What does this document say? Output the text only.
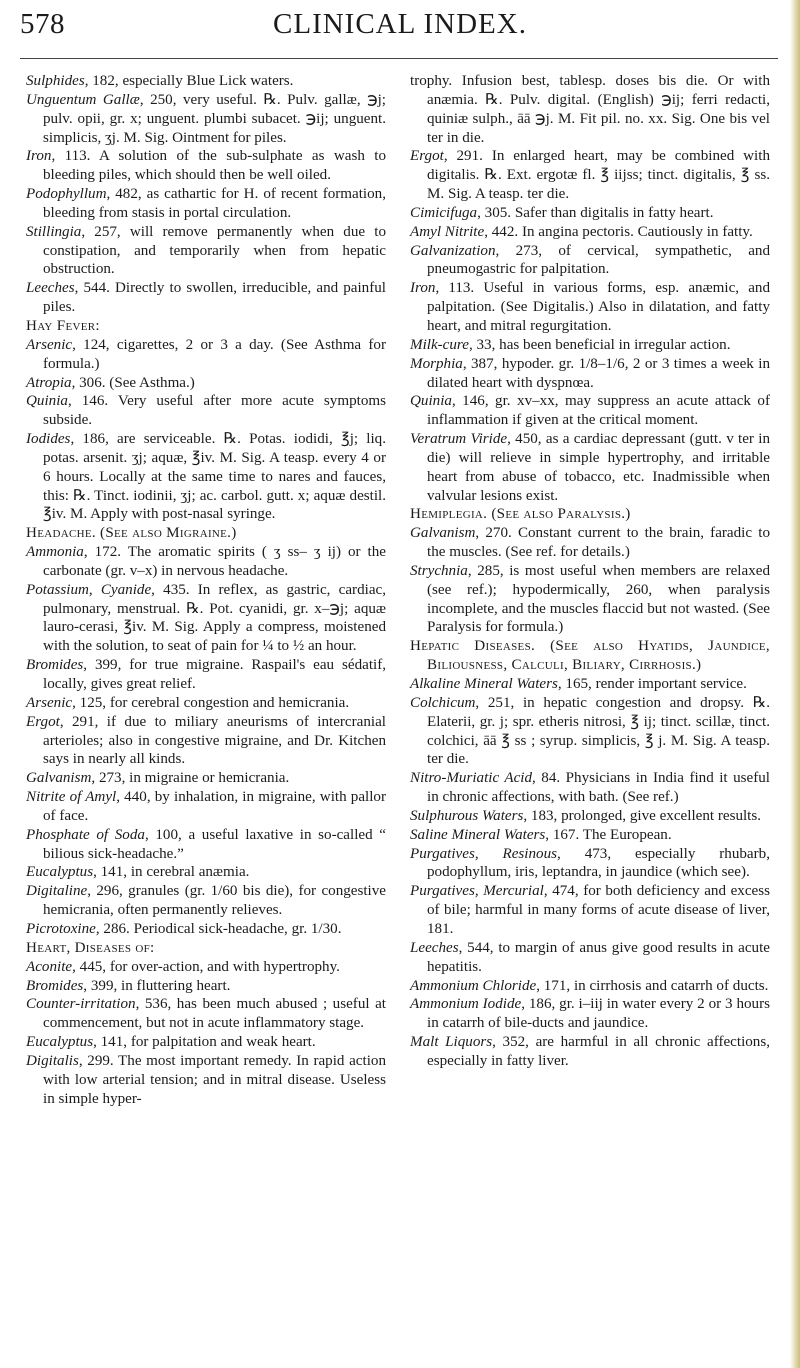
CLINICAL INDEX.
578

Sulphides, 182, especially Blue Lick waters.

Unguentum Gallæ, 250, very useful. ℞. Pulv. gallæ, ℈j; pulv. opii, gr. x; unguent. plumbi subacet. ℈ij; unguent. simplicis, ʒj. M. Sig. Ointment for piles.

Iron, 113. A solution of the sub-sulphate as wash to bleeding piles, which should then be well oiled.

Podophyllum, 482, as cathartic for H. of recent formation, bleeding from stasis in portal circulation.

Stillingia, 257, will remove permanently when due to constipation, and temporarily when from hepatic obstruction.

Leeches, 544. Directly to swollen, irreducible, and painful piles.

Hay Fever:

Arsenic, 124, cigarettes, 2 or 3 a day. (See Asthma for formula.)

Atropia, 306. (See Asthma.)

Quinia, 146. Very useful after more acute symptoms subside.

Iodides, 186, are serviceable. ℞. Potas. iodidi, ℥j; liq. potas. arsenit. ʒj; aquæ, ℥iv. M. Sig. A teasp. every 4 or 6 hours. Locally at the same time to nares and fauces, this: ℞. Tinct. iodinii, ʒj; ac. carbol. gutt. x; aquæ destil. ℥iv. M. Apply with post-nasal syringe.

Headache. (See also Migraine.)

Ammonia, 172. The aromatic spirits ( ʒ ss– ʒ ij) or the carbonate (gr. v–x) in nervous headache.

Potassium, Cyanide, 435. In reflex, as gastric, cardiac, pulmonary, menstrual. ℞. Pot. cyanidi, gr. x–℈j; aquæ lauro-cerasi, ℥iv. M. Sig. Apply a compress, moistened with the solution, to seat of pain for ¼ to ½ an hour.

Bromides, 399, for true migraine. Raspail's eau sédatif, locally, gives great relief.

Arsenic, 125, for cerebral congestion and hemicrania.

Ergot, 291, if due to miliary aneurisms of intercranial arterioles; also in congestive migraine, and Dr. Kitchen says in nearly all kinds.

Galvanism, 273, in migraine or hemicrania.

Nitrite of Amyl, 440, by inhalation, in migraine, with pallor of face.

Phosphate of Soda, 100, a useful laxative in so-called “ bilious sick-headache.”

Eucalyptus, 141, in cerebral anæmia.

Digitaline, 296, granules (gr. 1/60 bis die), for congestive hemicrania, often permanently relieves.

Picrotoxine, 286. Periodical sick-headache, gr. 1/30.

Heart, Diseases of:

Aconite, 445, for over-action, and with hypertrophy.

Bromides, 399, in fluttering heart.

Counter-irritation, 536, has been much abused ; useful at commencement, but not in acute inflammatory stage.

Eucalyptus, 141, for palpitation and weak heart.

Digitalis, 299. The most important remedy. In rapid action with low arterial tension; and in mitral disease. Useless in simple hyper-

trophy. Infusion best, tablesp. doses bis die. Or with anæmia. ℞. Pulv. digital. (English) ℈ij; ferri redacti, quiniæ sulph., āā ℈j. M. Fit pil. no. xx. Sig. One bis vel ter in die.

Ergot, 291. In enlarged heart, may be combined with digitalis. ℞. Ext. ergotæ fl. ℥ iijss; tinct. digitalis, ℥ ss. M. Sig. A teasp. ter die.

Cimicifuga, 305. Safer than digitalis in fatty heart.

Amyl Nitrite, 442. In angina pectoris. Cautiously in fatty.

Galvanization, 273, of cervical, sympathetic, and pneumogastric for palpitation.

Iron, 113. Useful in various forms, esp. anæmic, and palpitation. (See Digitalis.) Also in dilatation, and fatty heart, and mitral regurgitation.

Milk-cure, 33, has been beneficial in irregular action.

Morphia, 387, hypoder. gr. 1/8–1/6, 2 or 3 times a week in dilated heart with dyspnœa.

Quinia, 146, gr. xv–xx, may suppress an acute attack of inflammation if given at the critical moment.

Veratrum Viride, 450, as a cardiac depressant (gutt. v ter in die) will relieve in simple hypertrophy, and irritable heart from abuse of tobacco, etc. Inadmissible when valvular lesions exist.

Hemiplegia. (See also Paralysis.)

Galvanism, 270. Constant current to the brain, faradic to the muscles. (See ref. for details.)

Strychnia, 285, is most useful when members are relaxed (see ref.); hypodermically, 260, when paralysis incomplete, and the muscles flaccid but not wasted. (See Paralysis for formula.)

Hepatic Diseases. (See also Hyatids, Jaundice, Biliousness, Calculi, Biliary, Cirrhosis.)

Alkaline Mineral Waters, 165, render important service.

Colchicum, 251, in hepatic congestion and dropsy. ℞. Elaterii, gr. j; spr. etheris nitrosi, ℥ ij; tinct. scillæ, tinct. colchici, āā ℥ ss ; syrup. simplicis, ℥ j. M. Sig. A teasp. ter die.

Nitro-Muriatic Acid, 84. Physicians in India find it useful in chronic affections, with bath. (See ref.)

Sulphurous Waters, 183, prolonged, give excellent results.

Saline Mineral Waters, 167. The European.

Purgatives, Resinous, 473, especially rhubarb, podophyllum, iris, leptandra, in jaundice (which see).

Purgatives, Mercurial, 474, for both deficiency and excess of bile; harmful in many forms of acute disease of liver, 181.

Leeches, 544, to margin of anus give good results in acute hepatitis.

Ammonium Chloride, 171, in cirrhosis and catarrh of ducts.

Ammonium Iodide, 186, gr. i–iij in water every 2 or 3 hours in catarrh of bile-ducts and jaundice.

Malt Liquors, 352, are harmful in all chronic affections, especially in fatty liver.
